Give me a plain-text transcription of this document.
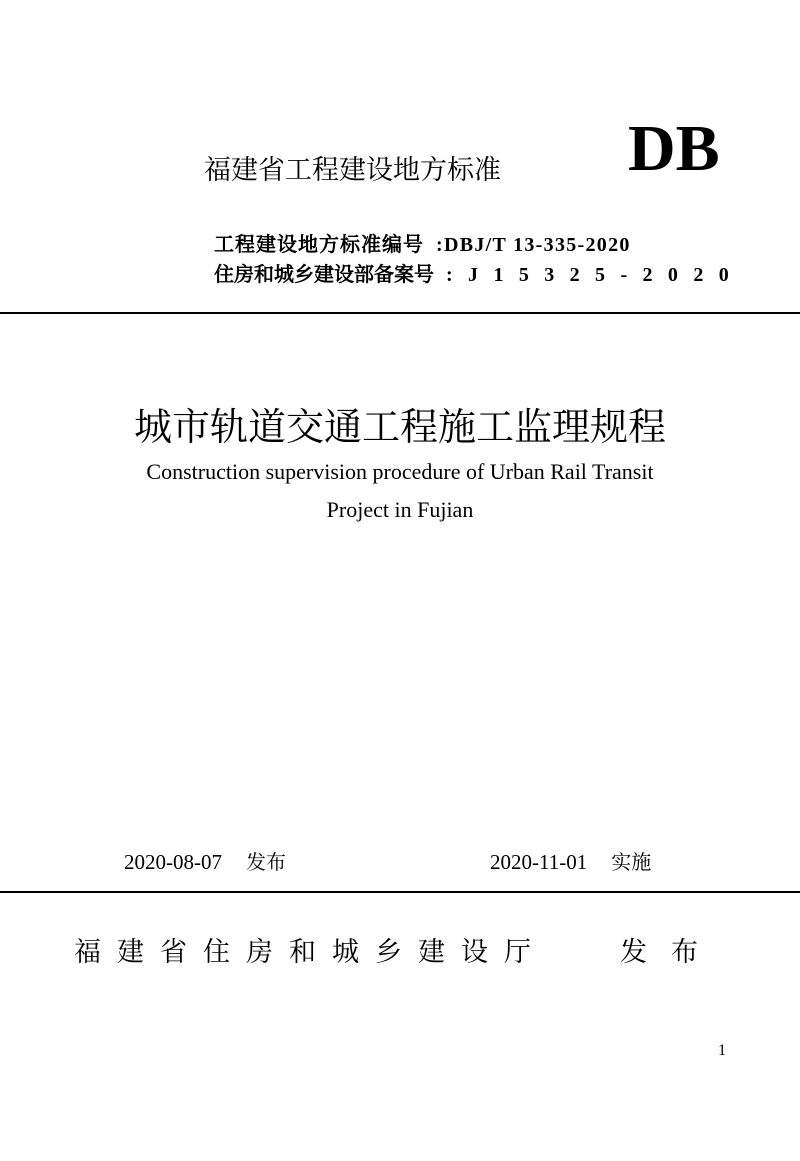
福建省工程建设地方标准 DB
工程建设地方标准编号 :DBJ/T 13-335-2020
住房和城乡建设部备案号 : J 1 5 3 2 5 - 2 0 2 0
城市轨道交通工程施工监理规程
Construction supervision procedure of Urban Rail Transit
Project in Fujian
2020-08-07 发布	2020-11-01 实施
福建省住房和城乡建设厅	发布
1
